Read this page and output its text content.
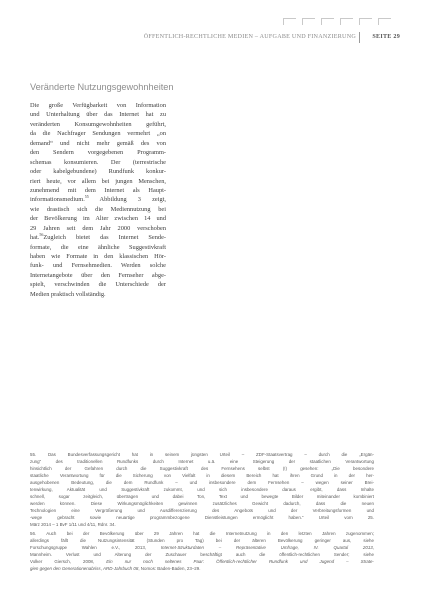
ÖFFENTLICH-RECHTLICHE MEDIEN – AUFGABE UND FINANZIERUNG	SEITE 29
Veränderte Nutzungsgewohnheiten
Die große Verfügbarkeit von Information
und Unterhaltung über das Internet hat zu
veränderten Konsumgewohnheiten geführt,
da die Nachfrager Sendungen vermehrt „on
demand“ und nicht mehr gemäß des von
den Sendern vorgegebenen Programm-
schemas konsumieren. Der (terrestrische
oder kabelgebundene) Rundfunk konkur-
riert heute, vor allem bei jungen Menschen,
zunehmend mit dem Internet als Haupt-
informationsmedium.$^{55}$ Abbildung 3 zeigt,
wie drastisch sich die Mediennutzung bei
der Bevölkerung im Alter zwischen 14 und
29 Jahren seit dem Jahr 2000 verschoben
hat.$^{56}$Zugleich bietet das Internet Sende-
formate, die eine ähnliche Suggestivkraft
haben wie Formate in den klassischen Hör-
funk- und Fernsehmedien. Werden solche
Internetangebote über den Fernseher abge-
spielt, verschwinden die Unterschiede der
Medien praktisch vollständig.
55. Das Bundesverfassungsgericht hat in seinem jüngsten Urteil – ZDF-Staatsvertrag – durch die „Ergän-
zung“ des traditionellen Rundfunks durch Internet u.ä. eine Steigerung der staatlichen Verantwortung
hinsichtlich der Gefahren durch die Suggestivkraft des Fernsehens selbst (!) gesehen: „Die besondere
staatliche Verantwortung für die Sicherung von Vielfalt in diesem Bereich hat ihren Grund in der her-
ausgehobenen Bedeutung, die dem Rundfunk – und insbesondere dem Fernsehen – wegen seiner Brei-
tenwirkung, Aktualität und Suggestivkraft zukommt, und sich insbesondere daraus ergibt, dass Inhalte
schnell, sogar zeitgleich, übertragen und dabei Ton, Text und bewegte Bilder miteinander kombiniert
werden können. Diese Wirkungsmöglichkeiten gewinnen zusätzliches Gewicht dadurch, dass die neuen
Technologien eine Vergrößerung und Ausdifferenzierung des Angebots und der Verbreitungsformen und
-wege gebracht sowie neuartige programmbezogene Dienstleistungen ermöglicht haben.“ Urteil vom 25.
März 2014 – 1 BvF 1/11 und 4/11, Rdnr. 34.
56. Auch bei der Bevölkerung über 29 Jahren hat die Internetnutzung in den letzten Jahren zugenommen;
allerdings fällt die Nutzungsintensität (Stunden pro Tag) bei der älteren Bevölkerung geringer aus, siehe
Forschungsgruppe Wahlen e.V., 2013, Internet-Strukturdaten – Repräsentative Umfrage, IV. Quartal 2013,
Mannheim. Verlust und Alterung der Zuschauer beschäftigt auch die öffentlich-rechtlichen Sender; siehe
Volker Giersch, 2008, Ein nur noch seltenes Paar: Öffentlich-rechtlicher Rundfunk und Jugend – Strate-
gien gegen den Generationenabriss, ARD-Jahrbuch 08, Nomos: Baden-Baden, 23–29.
